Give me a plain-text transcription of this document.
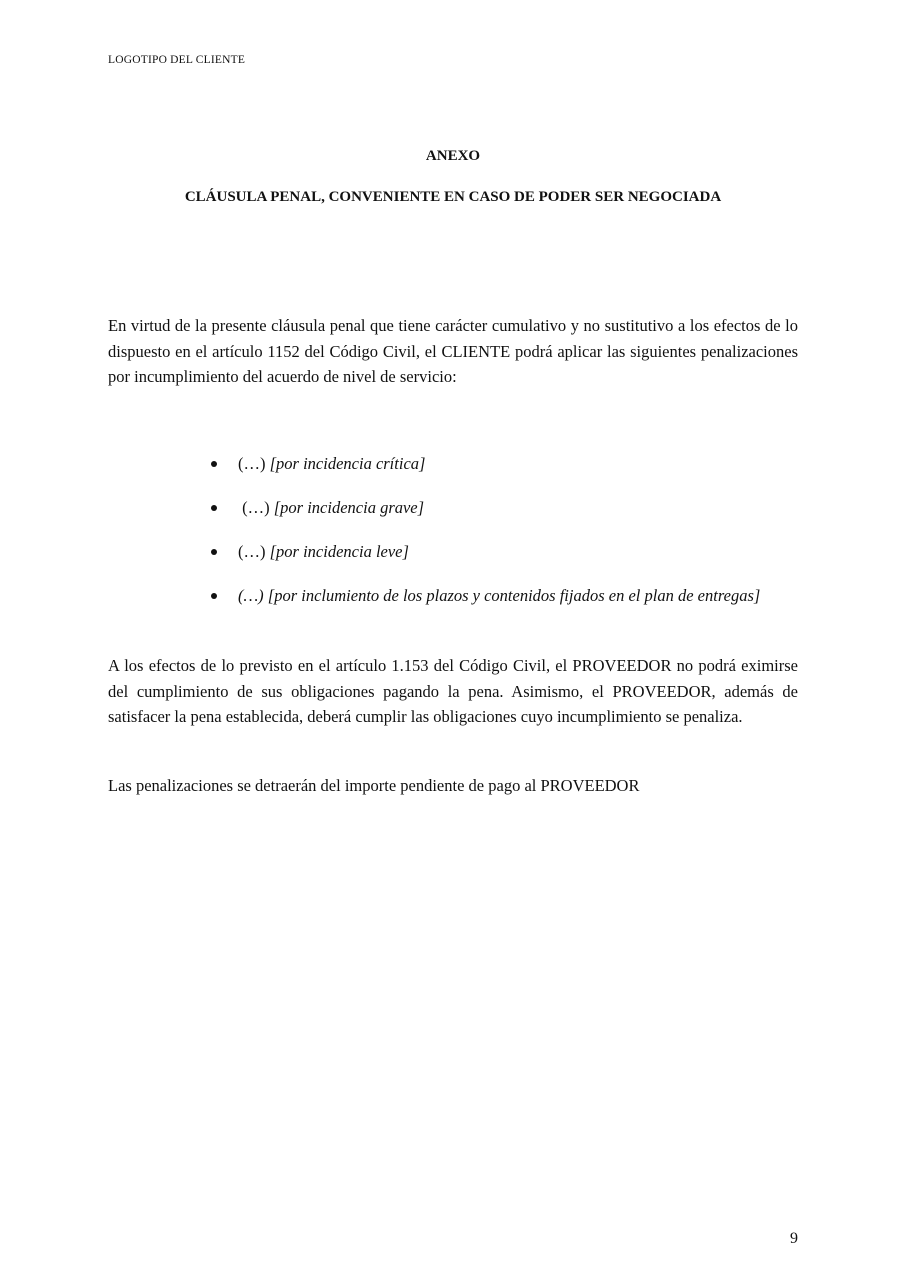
LOGOTIPO DEL CLIENTE
ANEXO
CLÁUSULA PENAL, CONVENIENTE EN CASO DE PODER SER NEGOCIADA

En virtud de la presente cláusula penal que tiene carácter cumulativo y no sustitutivo a los efectos de lo dispuesto en el artículo 1152 del Código Civil, el CLIENTE podrá aplicar las siguientes penalizaciones por incumplimiento del acuerdo de nivel de servicio:

(…) [por incidencia crítica]
(…) [por incidencia grave]
(…) [por incidencia leve]
(…) [por inclumiento de los plazos y contenidos fijados en el plan de entregas]

A los efectos de lo previsto en el artículo 1.153 del Código Civil, el PROVEEDOR no podrá eximirse del cumplimiento de sus obligaciones pagando la pena. Asimismo, el PROVEEDOR, además de satisfacer la pena establecida, deberá cumplir las obligaciones cuyo incumplimiento se penaliza.

Las penalizaciones se detraerán del importe pendiente de pago al PROVEEDOR

9
